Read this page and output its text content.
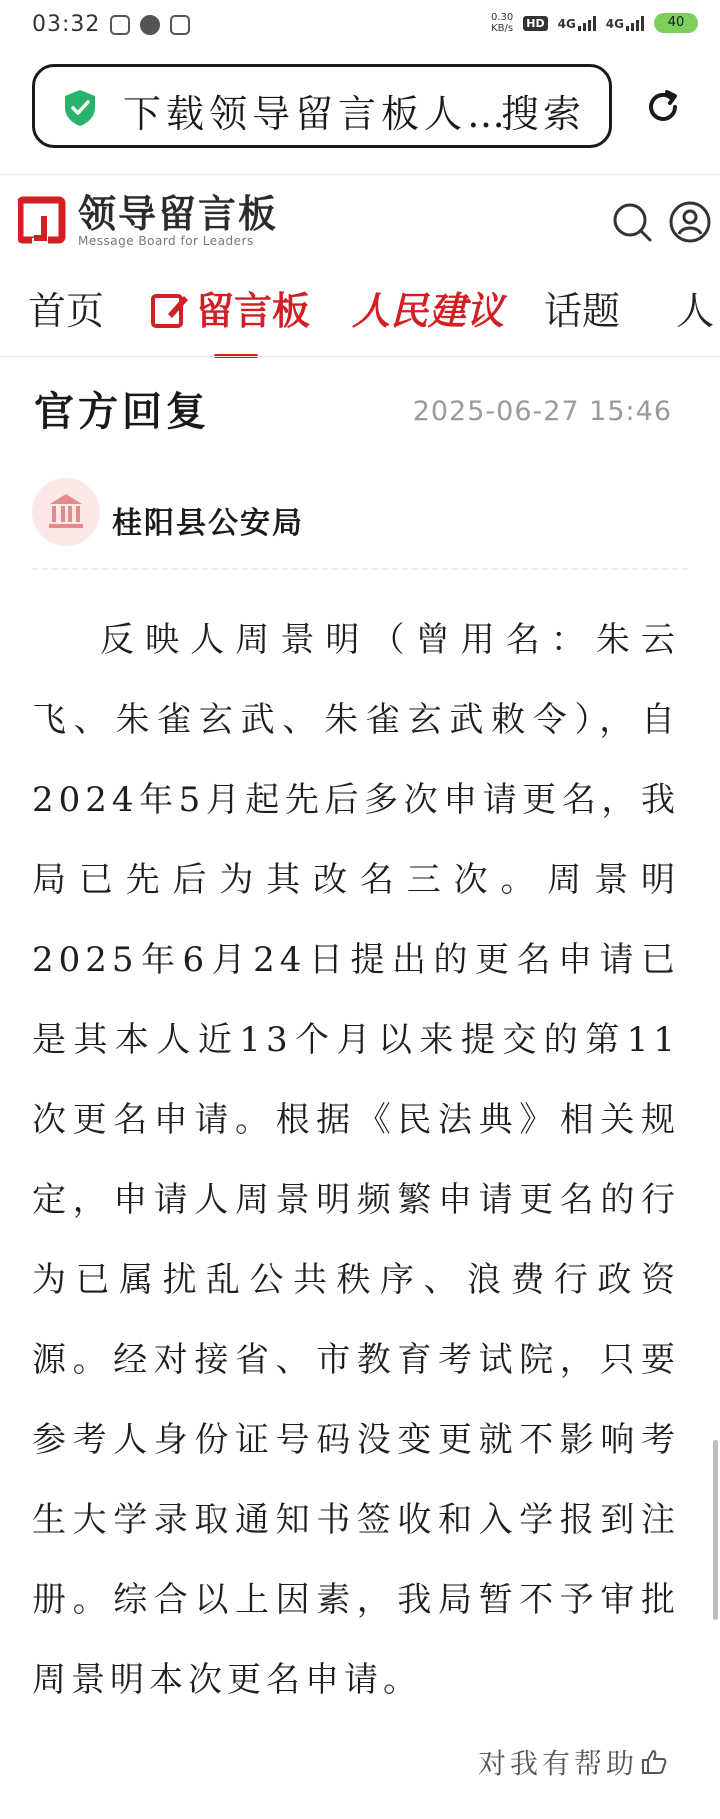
03:32	0.30
KB/s HD 4G	4G	40
下载领导留言板人…
搜索
领导留言板
Message Board for Leaders
首页	留言板 人民建议 话题 人
官方回复	2025-06-27 15:46
桂阳县公安局
反映人周景明（曾用名：朱云飞、朱雀玄武、朱雀玄武敕令），自2024年5月起先后多次申请更名，我局已先后为其改名三次。周景明2025年6月24日提出的更名申请已是其本人近13个月以来提交的第11次更名申请。根据《民法典》相关规定，申请人周景明频繁申请更名的行为已属扰乱公共秩序、浪费行政资源。经对接省、市教育考试院，只要参考人身份证号码没变更就不影响考生大学录取通知书签收和入学报到注册。综合以上因素，我局暂不予审批周景明本次更名申请。
对我有帮助
